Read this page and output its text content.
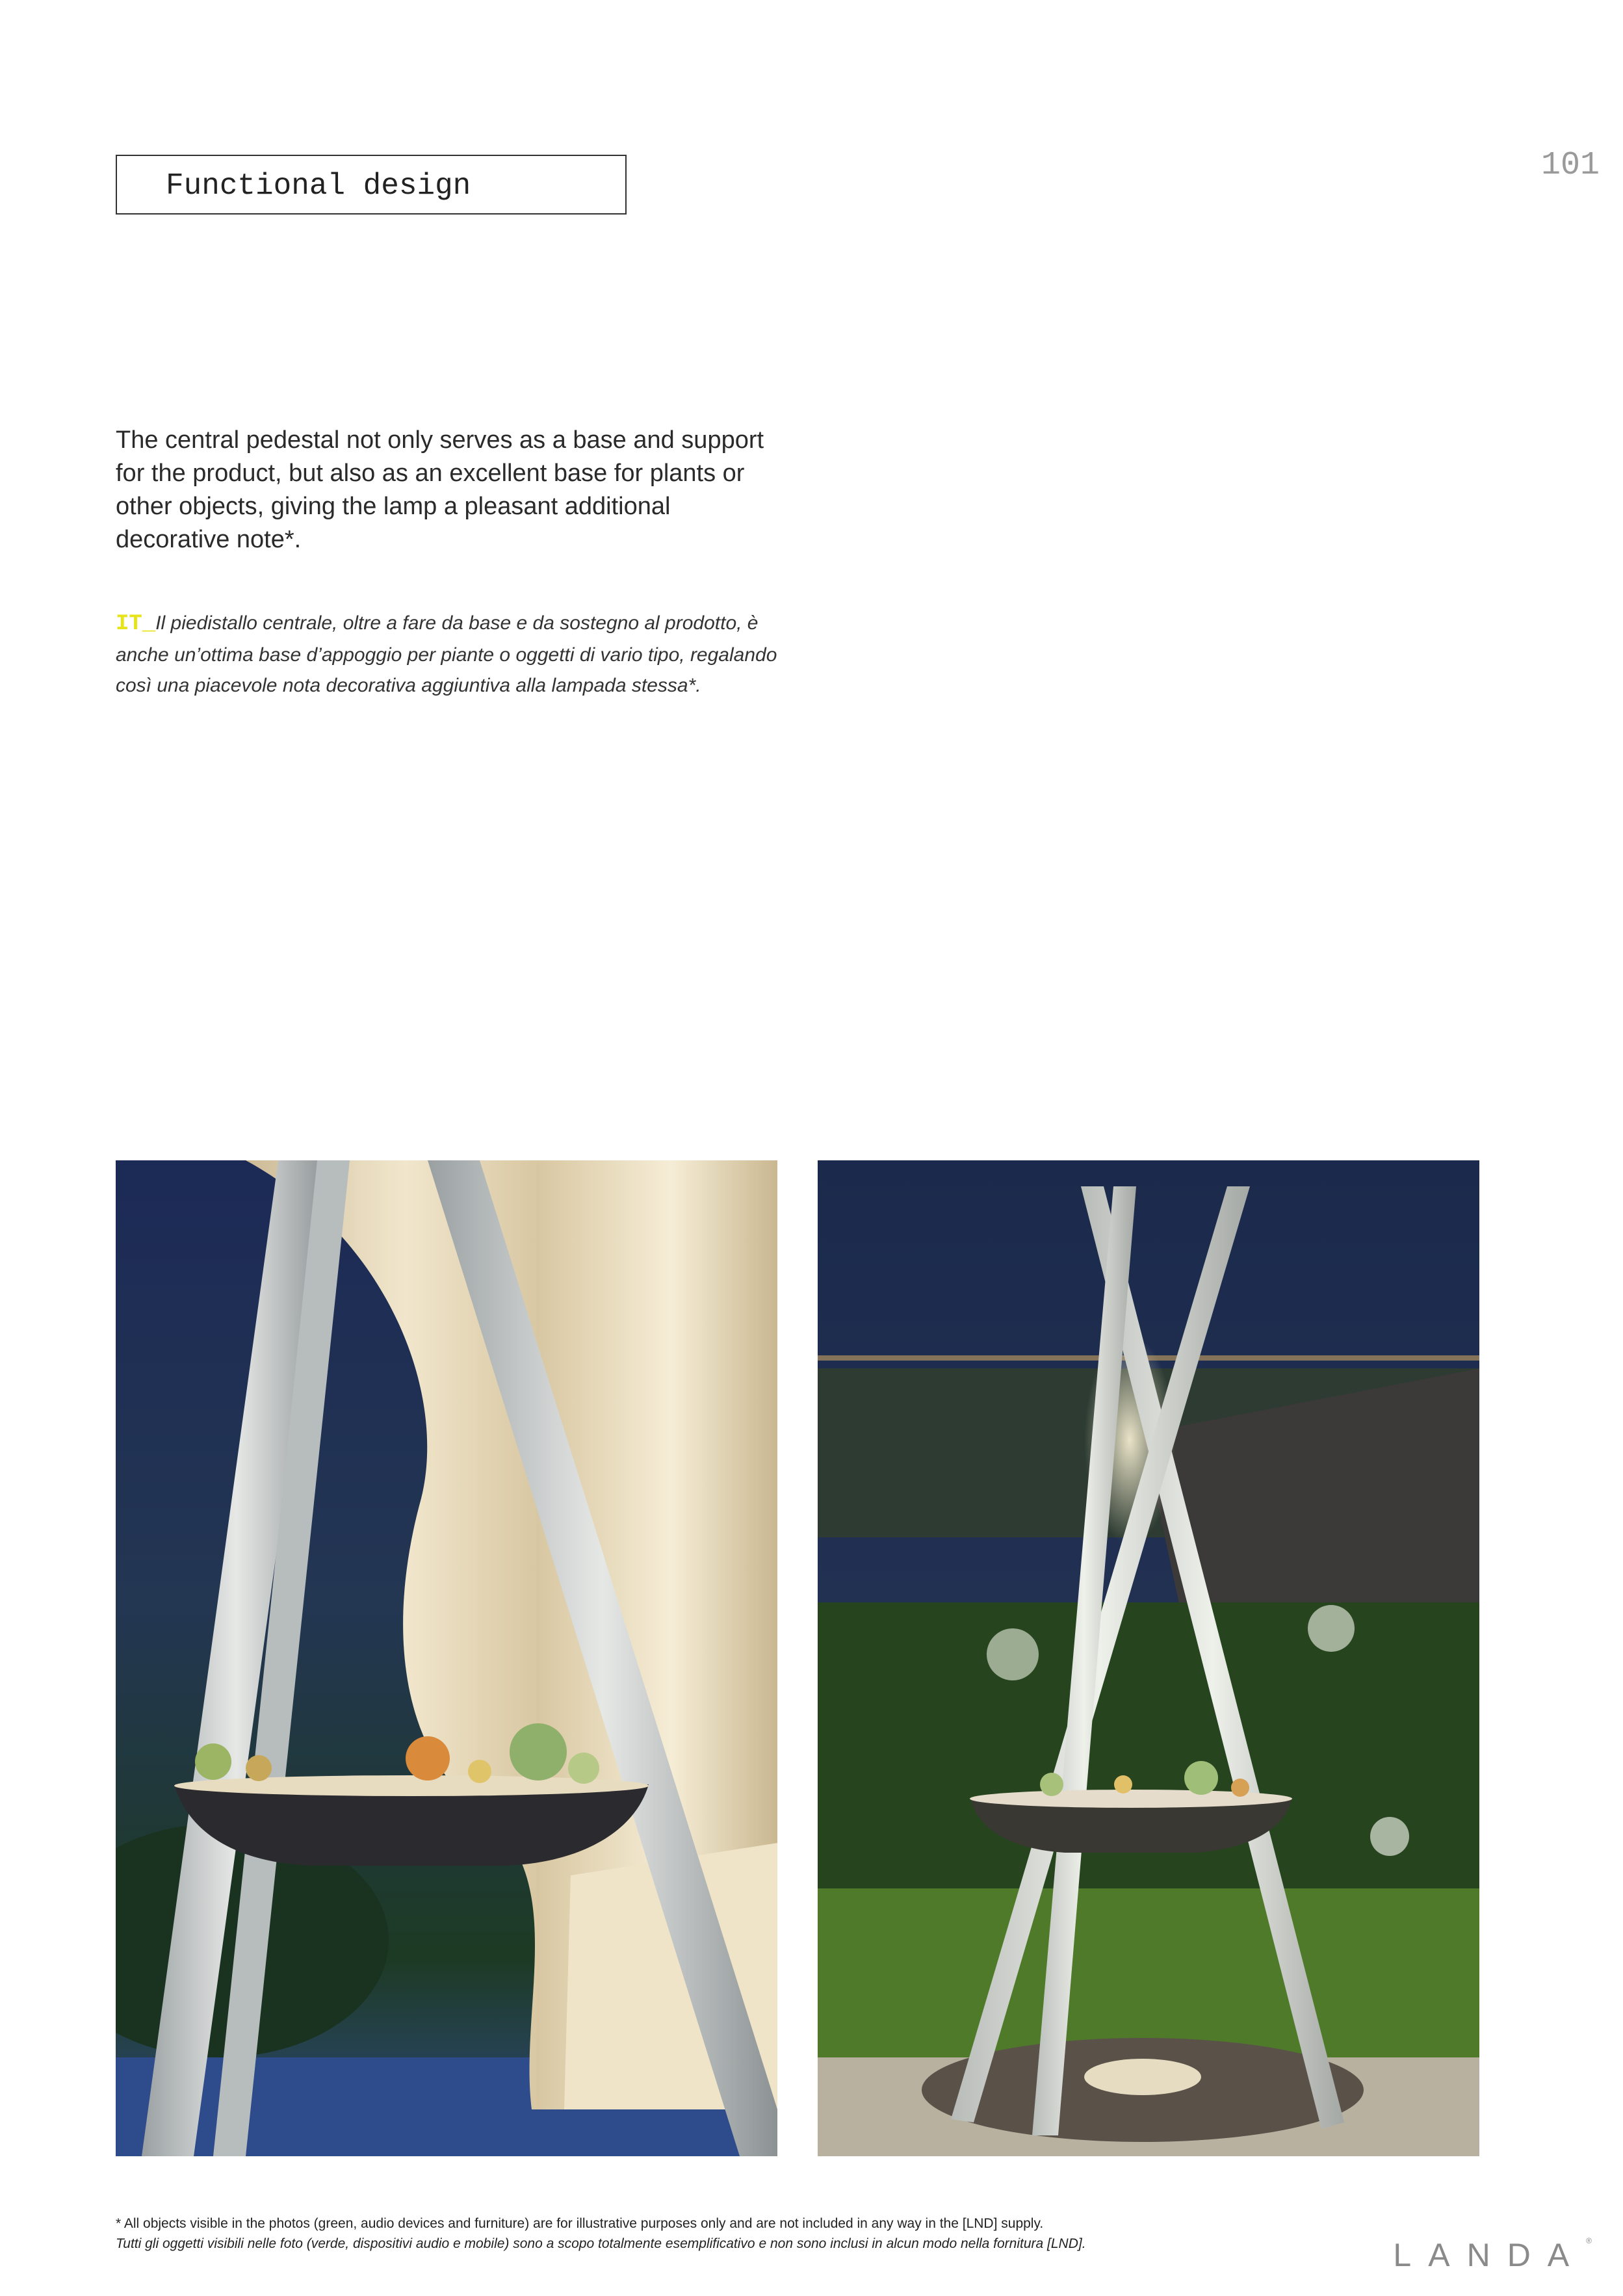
Functional design
101

The central pedestal not only serves as a base and support for the product, but also as an excellent base for plants or other objects, giving the lamp a pleasant additional decorative note*.

IT_Il piedistallo centrale, oltre a fare da base e da sostegno al prodotto, è anche un’ottima base d’appoggio per piante o oggetti di vario tipo, regalando così una piacevole nota decorativa aggiuntiva alla lampada stessa*.

* All objects visible in the photos (green, audio devices and furniture) are for illustrative purposes only and are not included in any way in the [LND] supply.
Tutti gli oggetti visibili nelle foto (verde, dispositivi audio e mobile) sono a scopo totalmente esemplificativo e non sono inclusi in alcun modo nella fornitura [LND].	LANDA®
